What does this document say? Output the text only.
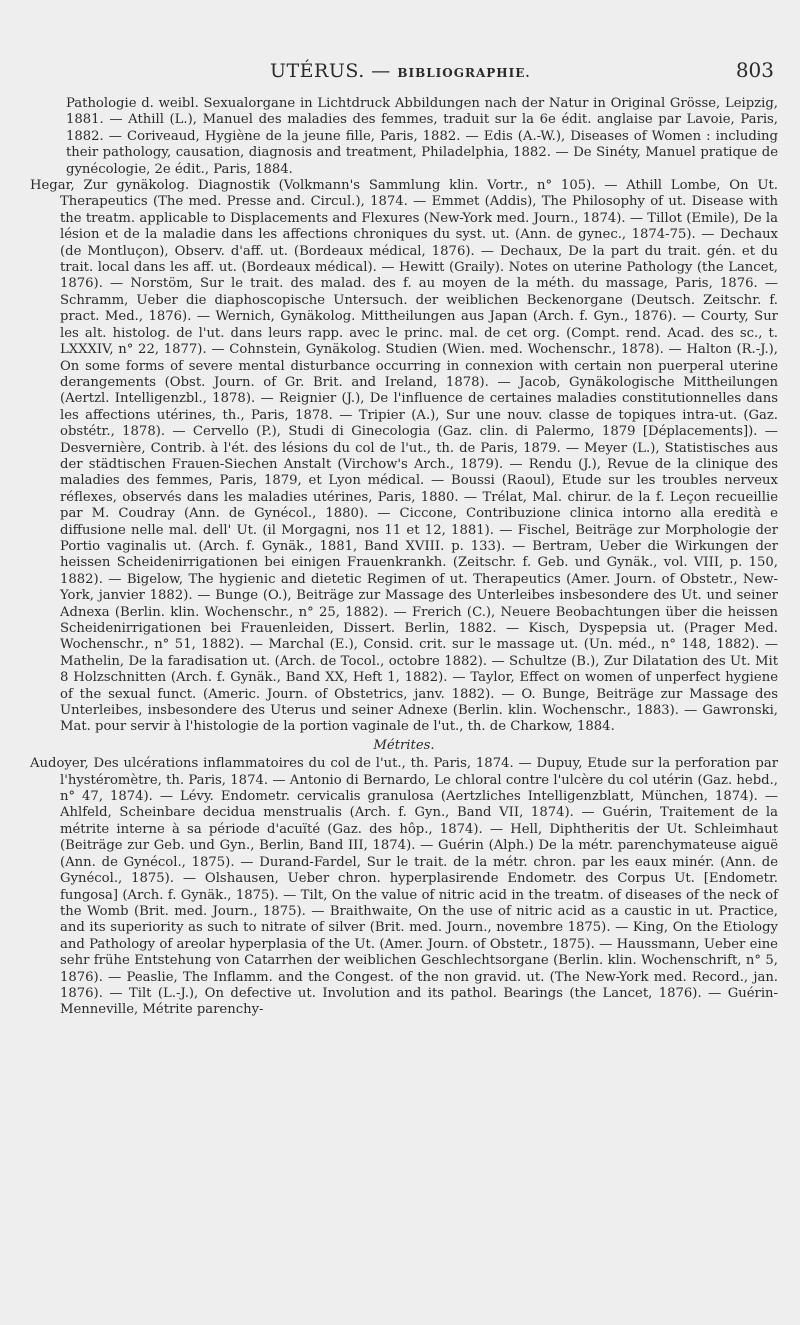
UTÉRUS. — BIBLIOGRAPHIE.	803

Pathologie d. weibl. Sexualorgane in Lichtdruck Abbildungen nach der Natur in Original Grösse, Leipzig, 1881. — Athill (L.), Manuel des maladies des femmes, traduit sur la 6e édit. anglaise par Lavoie, Paris, 1882. — Coriveaud, Hygiène de la jeune fille, Paris, 1882. — Edis (A.-W.), Diseases of Women : including their pathology, causation, diagnosis and treatment, Philadelphia, 1882. — De Sinéty, Manuel pratique de gynécologie, 2e édit., Paris, 1884.

Hegar, Zur gynäkolog. Diagnostik (Volkmann's Sammlung klin. Vortr., n° 105). — Athill Lombe, On Ut. Therapeutics (The med. Presse and. Circul.), 1874. — Emmet (Addis), The Philosophy of ut. Disease with the treatm. applicable to Displacements and Flexures (New-York med. Journ., 1874). — Tillot (Emile), De la lésion et de la maladie dans les affections chroniques du syst. ut. (Ann. de gynec., 1874-75). — Dechaux (de Montluçon), Observ. d'aff. ut. (Bordeaux médical, 1876). — Dechaux, De la part du trait. gén. et du trait. local dans les aff. ut. (Bordeaux médical). — Hewitt (Graily). Notes on uterine Pathology (the Lancet, 1876). — Norstöm, Sur le trait. des malad. des f. au moyen de la méth. du massage, Paris, 1876. — Schramm, Ueber die diaphoscopische Untersuch. der weiblichen Beckenorgane (Deutsch. Zeitschr. f. pract. Med., 1876). — Wernich, Gynäkolog. Mittheilungen aus Japan (Arch. f. Gyn., 1876). — Courty, Sur les alt. histolog. de l'ut. dans leurs rapp. avec le princ. mal. de cet org. (Compt. rend. Acad. des sc., t. LXXXIV, n° 22, 1877). — Cohnstein, Gynäkolog. Studien (Wien. med. Wochenschr., 1878). — Halton (R.-J.), On some forms of severe mental disturbance occurring in connexion with certain non puerperal uterine derangements (Obst. Journ. of Gr. Brit. and Ireland, 1878). — Jacob, Gynäkologische Mittheilungen (Aertzl. Intelligenzbl., 1878). — Reignier (J.), De l'influence de certaines maladies constitutionnelles dans les affections utérines, th., Paris, 1878. — Tripier (A.), Sur une nouv. classe de topiques intra-ut. (Gaz. obstétr., 1878). — Cervello (P.), Studi di Ginecologia (Gaz. clin. di Palermo, 1879 [Déplacements]). — Desvernière, Contrib. à l'ét. des lésions du col de l'ut., th. de Paris, 1879. — Meyer (L.), Statistisches aus der städtischen Frauen-Siechen Anstalt (Virchow's Arch., 1879). — Rendu (J.), Revue de la clinique des maladies des femmes, Paris, 1879, et Lyon médical. — Boussi (Raoul), Etude sur les troubles nerveux réflexes, observés dans les maladies utérines, Paris, 1880. — Trélat, Mal. chirur. de la f. Leçon recueillie par M. Coudray (Ann. de Gynécol., 1880). — Ciccone, Contribuzione clinica intorno alla eredità e diffusione nelle mal. dell' Ut. (il Morgagni, nos 11 et 12, 1881). — Fischel, Beiträge zur Morphologie der Portio vaginalis ut. (Arch. f. Gynäk., 1881, Band XVIII. p. 133). — Bertram, Ueber die Wirkungen der heissen Scheidenirrigationen bei einigen Frauenkrankh. (Zeitschr. f. Geb. und Gynäk., vol. VIII, p. 150, 1882). — Bigelow, The hygienic and dietetic Regimen of ut. Therapeutics (Amer. Journ. of Obstetr., New-York, janvier 1882). — Bunge (O.), Beiträge zur Massage des Unterleibes insbesondere des Ut. und seiner Adnexa (Berlin. klin. Wochenschr., n° 25, 1882). — Frerich (C.), Neuere Beobachtungen über die heissen Scheidenirrigationen bei Frauenleiden, Dissert. Berlin, 1882. — Kisch, Dyspepsia ut. (Prager Med. Wochenschr., n° 51, 1882). — Marchal (E.), Consid. crit. sur le massage ut. (Un. méd., n° 148, 1882). — Mathelin, De la faradisation ut. (Arch. de Tocol., octobre 1882). — Schultze (B.), Zur Dilatation des Ut. Mit 8 Holzschnitten (Arch. f. Gynäk., Band XX, Heft 1, 1882). — Taylor, Effect on women of unperfect hygiene of the sexual funct. (Americ. Journ. of Obstetrics, janv. 1882). — O. Bunge, Beiträge zur Massage des Unterleibes, insbesondere des Uterus und seiner Adnexe (Berlin. klin. Wochenschr., 1883). — Gawronski, Mat. pour servir à l'histologie de la portion vaginale de l'ut., th. de Charkow, 1884.

Métrites.

Audoyer, Des ulcérations inflammatoires du col de l'ut., th. Paris, 1874. — Dupuy, Etude sur la perforation par l'hystéromètre, th. Paris, 1874. — Antonio di Bernardo, Le chloral contre l'ulcère du col utérin (Gaz. hebd., n° 47, 1874). — Lévy. Endometr. cervicalis granulosa (Aertzliches Intelligenzblatt, München, 1874). — Ahlfeld, Scheinbare decidua menstrualis (Arch. f. Gyn., Band VII, 1874). — Guérin, Traitement de la métrite interne à sa période d'acuïté (Gaz. des hôp., 1874). — Hell, Diphtheritis der Ut. Schleimhaut (Beiträge zur Geb. und Gyn., Berlin, Band III, 1874). — Guérin (Alph.) De la métr. parenchymateuse aiguë (Ann. de Gynécol., 1875). — Durand-Fardel, Sur le trait. de la métr. chron. par les eaux minér. (Ann. de Gynécol., 1875). — Olshausen, Ueber chron. hyperplasirende Endometr. des Corpus Ut. [Endometr. fungosa] (Arch. f. Gynäk., 1875). — Tilt, On the value of nitric acid in the treatm. of diseases of the neck of the Womb (Brit. med. Journ., 1875). — Braithwaite, On the use of nitric acid as a caustic in ut. Practice, and its superiority as such to nitrate of silver (Brit. med. Journ., novembre 1875). — King, On the Etiology and Pathology of areolar hyperplasia of the Ut. (Amer. Journ. of Obstetr., 1875). — Haussmann, Ueber eine sehr frühe Entstehung von Catarrhen der weiblichen Geschlechtsorgane (Berlin. klin. Wochenschrift, n° 5, 1876). — Peaslie, The Inflamm. and the Congest. of the non gravid. ut. (The New-York med. Record., jan. 1876). — Tilt (L.-J.), On defective ut. Involution and its pathol. Bearings (the Lancet, 1876). — Guérin-Menneville, Métrite parenchy-
